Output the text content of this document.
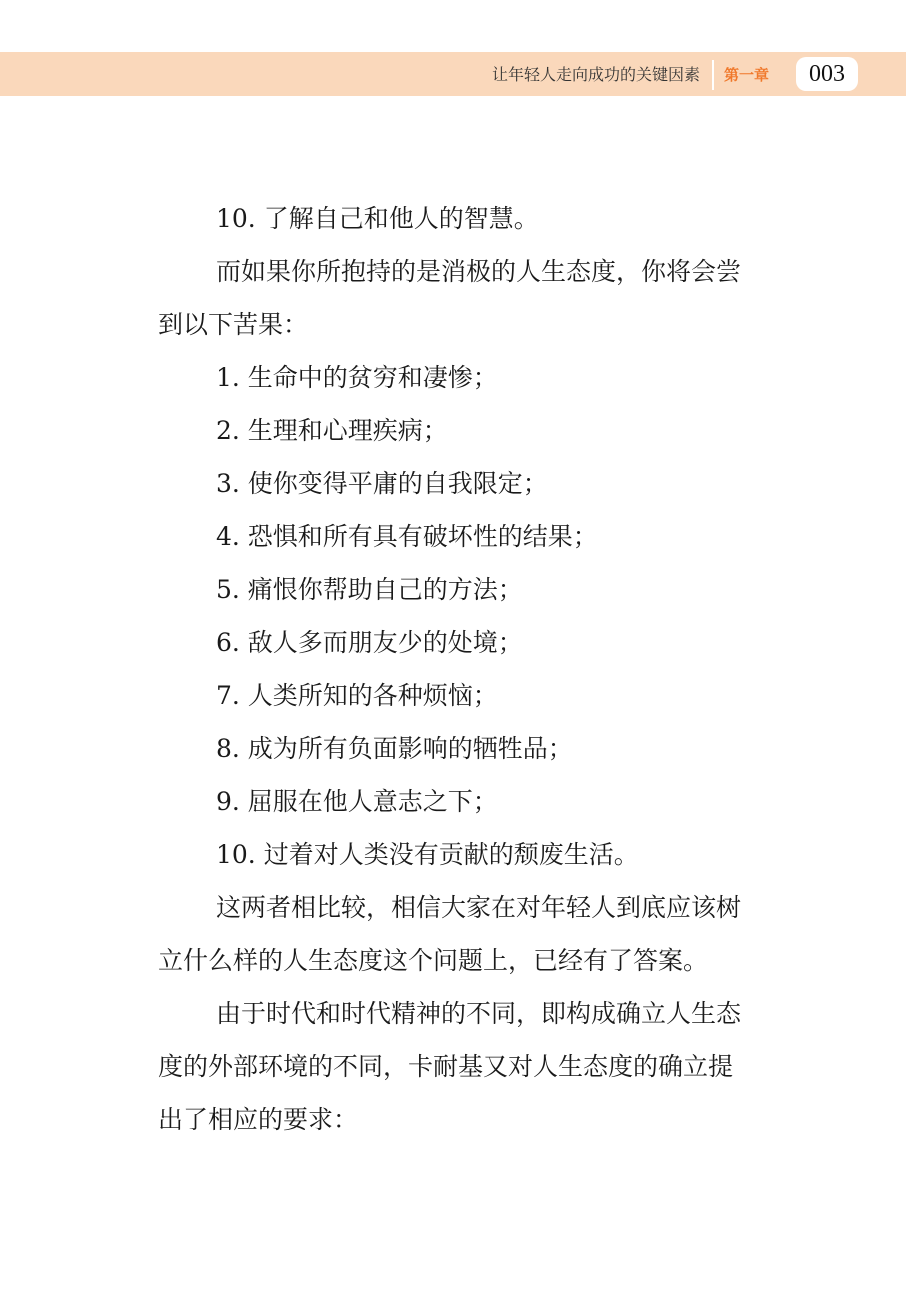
让年轻人走向成功的关键因素 第一章	003

10. 了解自己和他人的智慧。

而如果你所抱持的是消极的人生态度，你将会尝

到以下苦果：

1. 生命中的贫穷和凄惨；

2. 生理和心理疾病；

3. 使你变得平庸的自我限定；

4. 恐惧和所有具有破坏性的结果；

5. 痛恨你帮助自己的方法；

6. 敌人多而朋友少的处境；

7. 人类所知的各种烦恼；

8. 成为所有负面影响的牺牲品；

9. 屈服在他人意志之下；

10. 过着对人类没有贡献的颓废生活。

这两者相比较，相信大家在对年轻人到底应该树

立什么样的人生态度这个问题上，已经有了答案。

由于时代和时代精神的不同，即构成确立人生态

度的外部环境的不同，卡耐基又对人生态度的确立提

出了相应的要求：
